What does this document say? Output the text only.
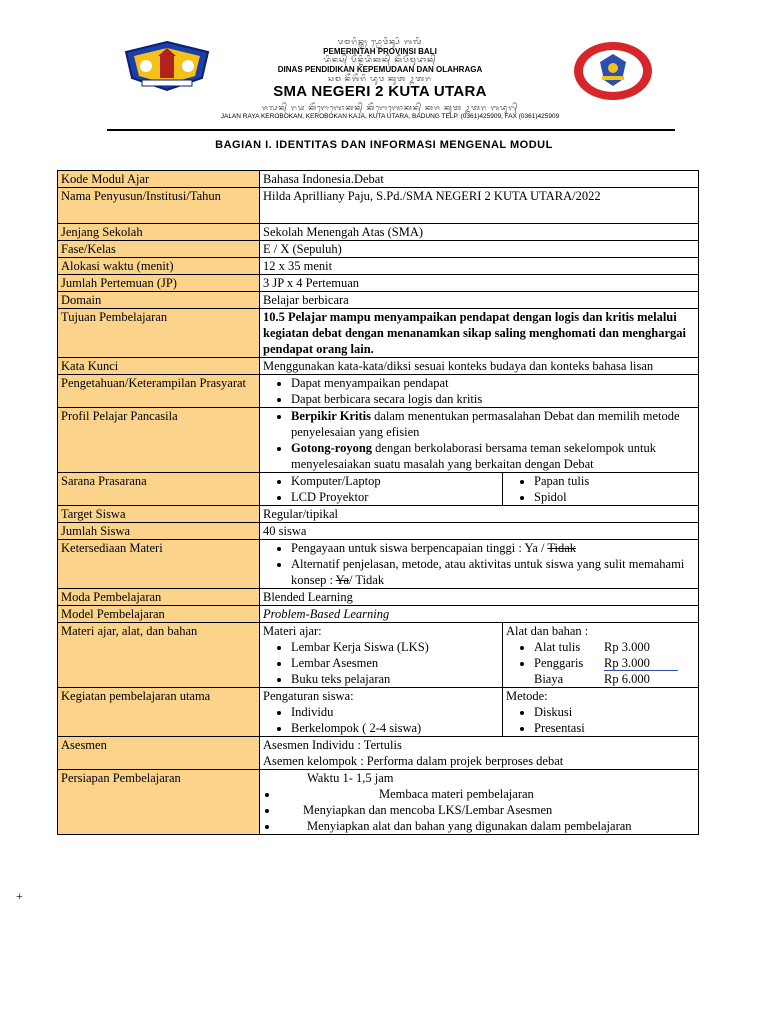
ᬧᬫᬭᬶᬦ᭄ᬢᬄ ᬧ᭄ᬭᭀᬯᬶᬦ᭄ᬲᬶ ᬩᬮᬶ
PEMERINTAH PROVINSI BALI
ᬤᬶᬦᬲ᭄ ᬧᭂᬦ᭄ᬤᬶᬤᬶᬓᬦ᭄ ᬓᭂᬧᭂᬫᬸᬤᬵᬦ᭄
DINAS PENDIDIKAN KEPEMUDAAN DAN OLAHRAGA
ᬲᬫ ᬦᭂᬕᭂᬭᬶ ᬤᬸᬯ ᬓᬸᬢ ᬉᬢᬭ
SMA NEGERI 2 KUTA UTARA
ᬚᬮᬦ᭄ ᬭᬬ ᬓᭂᬭᭀᬩᭀᬓᬦ᭄ ᬓᭂᬭᭀᬩᭀᬓᬦ᭄ ᬓᬚ ᬓᬸᬢ ᬉᬢᬭ ᬩᬤᬸᬗ᭄
JALAN RAYA KEROBOKAN, KEROBOKAN KAJA, KUTA UTARA, BADUNG TELP. (0361)425909, FAX (0361)425909
BAGIAN I. IDENTITAS DAN INFORMASI MENGENAL MODUL
Kode Modul Ajar	Bahasa Indonesia.Debat
Nama Penyusun/Institusi/Tahun	Hilda Aprilliany Paju, S.Pd./SMA NEGERI 2 KUTA UTARA/2022
Jenjang Sekolah	Sekolah Menengah Atas (SMA)
Fase/Kelas	E / X (Sepuluh)
Alokasi waktu (menit)	12 x 35 menit
Jumlah Pertemuan (JP)	3 JP x 4 Pertemuan
Domain	Belajar berbicara
Tujuan Pembelajaran	10.5 Pelajar mampu menyampaikan pendapat dengan logis dan kritis melalui kegiatan debat dengan menanamkan sikap saling menghomati dan menghargai pendapat orang lain.
Kata Kunci	Menggunakan kata-kata/diksi sesuai konteks budaya dan konteks bahasa lisan
Pengetahuan/Keterampilan Prasyarat	
•Dapat menyampaikan pendapat
• Dapat berbicara secara logis dan kritis

Profil Pelajar Pancasila	
•Berpikir Kritis dalam menentukan permasalahan Debat dan memilih metode penyelesaian yang efisien
• Gotong-royong dengan berkolaborasi bersama teman sekelompok untuk menyelesaiakan suatu masalah yang berkaitan dengan Debat

Sarana Prasarana	
•	Komputer/Laptop
• LCD Proyektor

• Papan tulis
• Spidol

Target Siswa	Regular/tipikal
Jumlah Siswa	40 siswa
Ketersediaan Materi	
•Pengayaan untuk siswa berpencapaian tinggi : Ya / Tidak
• Alternatif penjelasan, metode, atau aktivitas untuk siswa yang sulit memahami konsep : Ya/ Tidak

Moda Pembelajaran	Blended Learning
Model Pembelajaran	Problem-Based Learning
Materi ajar, alat, dan bahan		Materi ajar:
• Lembar Kerja Siswa (LKS)
• Lembar Asesmen
• Buku teks pelajaran

Alat dan bahan :
• Alat tulis Rp 3.000
• Penggaris Rp 3.000
Biaya	Rp 6.000

Kegiatan pembelajaran utama		Pengaturan siswa:
• Individu
• Berkelompok ( 2-4 siswa)

Metode:
• Diskusi
• Presentasi

Asesmen	Asesmen Individu : Tertulis
Asemen kelompok : Performa dalam projek berproses debat

Persiapan Pembelajaran	Waktu 1- 1,5 jam
• Membaca materi pembelajaran
• Menyiapkan dan mencoba LKS/Lembar Asesmen
• Menyiapkan alat dan bahan yang digunakan dalam pembelajaran
+
